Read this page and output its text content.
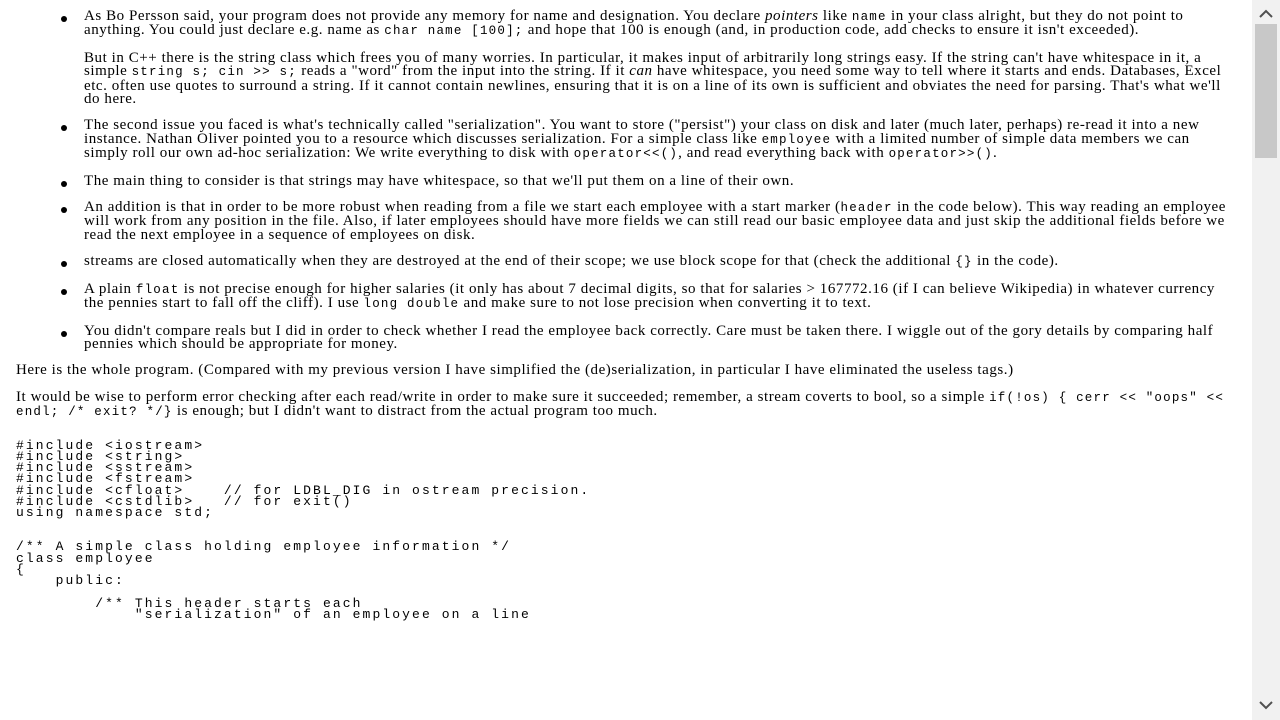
As Bo Persson said, your program does not provide any memory for name and designation. You declare pointers like name in your class alright, but they do not point to anything. You could just declare e.g. name as char name [100]; and hope that 100 is enough (and, in production code, add checks to ensure it isn't exceeded).

But in C++ there is the string class which frees you of many worries. In particular, it makes input of arbitrarily long strings easy. If the string can't have whitespace in it, a simple string s; cin >> s; reads a "word" from the input into the string. If it can have whitespace, you need some way to tell where it starts and ends. Databases, Excel etc. often use quotes to surround a string. If it cannot contain newlines, ensuring that it is on a line of its own is sufficient and obviates the need for parsing. That's what we'll do here.

The second issue you faced is what's technically called "serialization". You want to store ("persist") your class on disk and later (much later, perhaps) re-read it into a new instance. Nathan Oliver pointed you to a resource which discusses serialization. For a simple class like employee with a limited number of simple data members we can simply roll our own ad-hoc serialization: We write everything to disk with operator<<(), and read everything back with operator>>().

The main thing to consider is that strings may have whitespace, so that we'll put them on a line of their own.

An addition is that in order to be more robust when reading from a file we start each employee with a start marker (header in the code below). This way reading an employee will work from any position in the file. Also, if later employees should have more fields we can still read our basic employee data and just skip the additional fields before we read the next employee in a sequence of employees on disk.

streams are closed automatically when they are destroyed at the end of their scope; we use block scope for that (check the additional {} in the code).

A plain float is not precise enough for higher salaries (it only has about 7 decimal digits, so that for salaries > 167772.16 (if I can believe Wikipedia) in whatever currency the pennies start to fall off the cliff). I use long double and make sure to not lose precision when converting it to text.

You didn't compare reals but I did in order to check whether I read the employee back correctly. Care must be taken there. I wiggle out of the gory details by comparing half pennies which should be appropriate for money.

Here is the whole program. (Compared with my previous version I have simplified the (de)serialization, in particular I have eliminated the useless tags.)

It would be wise to perform error checking after each read/write in order to make sure it succeeded; remember, a stream coverts to bool, so a simple if(!os) { cerr << "oops" << endl; /* exit? */} is enough; but I didn't want to distract from the actual program too much.

#include <iostream>
#include <string>
#include <sstream>
#include <fstream>
#include <cfloat>    // for LDBL_DIG in ostream precision.
#include <cstdlib>   // for exit()
using namespace std;

/** A simple class holding employee information */
class employee
{
public:

/** This header starts each
"serialization" of an employee on a line
